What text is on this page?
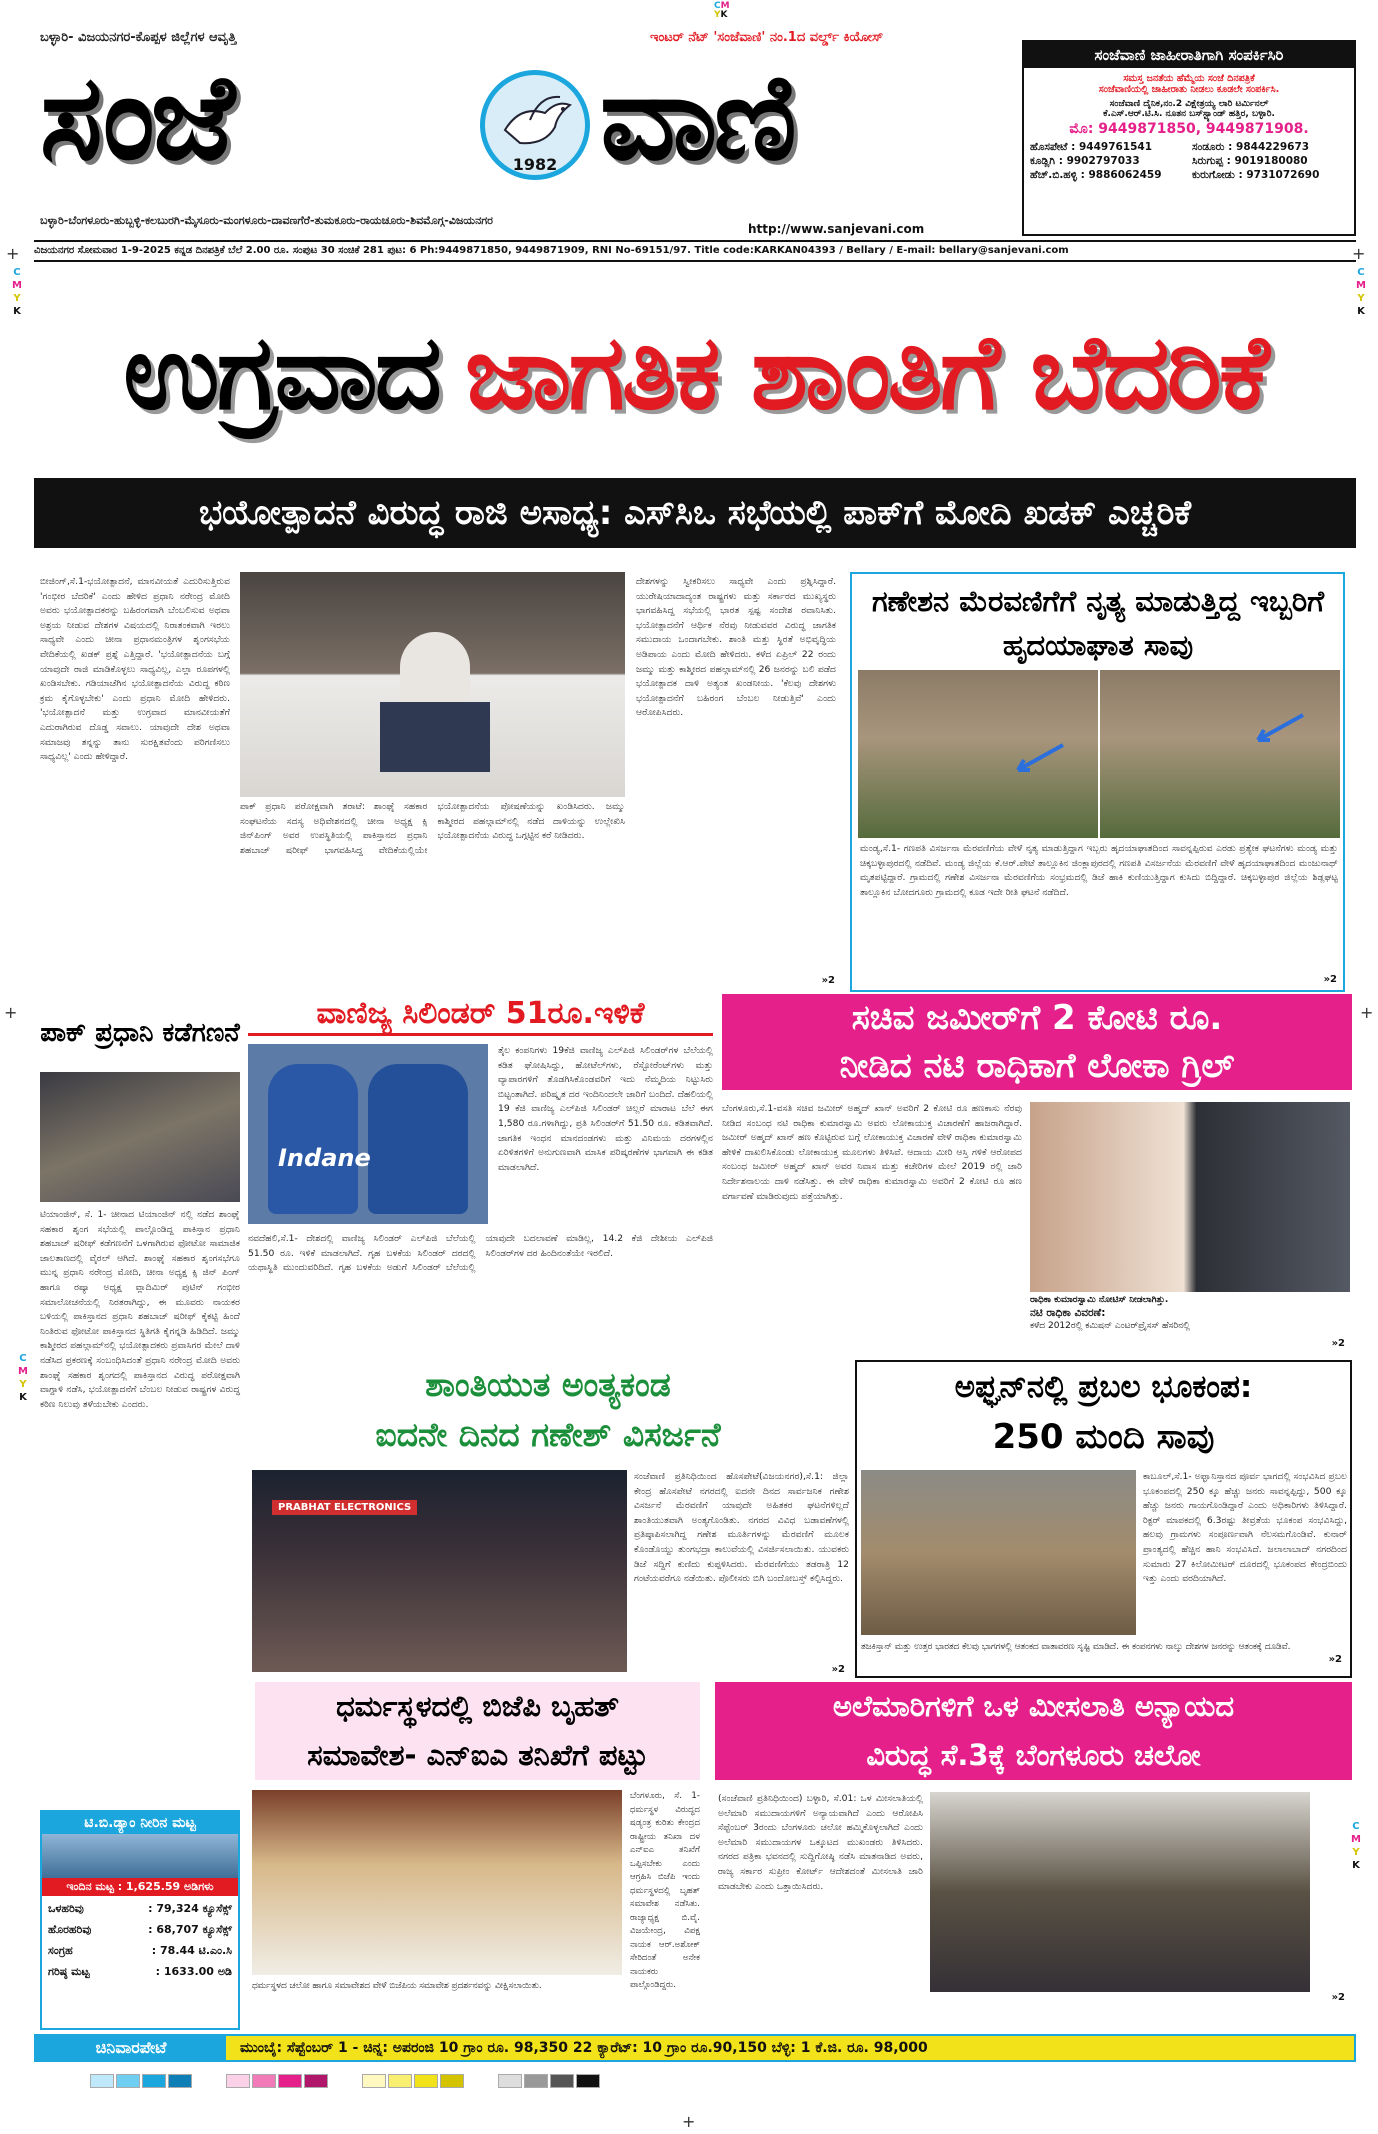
CM
YK
C
M
Y
K
C
M
Y
K
C
M
Y
K
C
M
Y
K
+	+
+	+
+
ಬಳ್ಳಾರಿ- ವಿಜಯನಗರ-ಕೊಪ್ಪಳ ಜಿಲ್ಲೆಗಳ ಆವೃತ್ತಿ	ಇಂಟರ್ ನೆಟ್ 'ಸಂಜೆವಾಣಿ' ನಂ.1ದ ವರ್ಲ್ಡ್ ಕಿಯೋಸ್
ಸಂಜೆ	1982 ವಾಣಿ
ಬಳ್ಳಾರಿ-ಬೆಂಗಳೂರು-ಹುಬ್ಬಳ್ಳಿ-ಕಲಬುರಗಿ-ಮೈಸೂರು-ಮಂಗಳೂರು-ದಾವಣಗೆರೆ-ತುಮಕೂರು-ರಾಯಚೂರು-ಶಿವಮೊಗ್ಗ-ವಿಜಯನಗರ
http://www.sanjevani.com
ಸಂಜೆವಾಣಿ ಜಾಹೀರಾತಿಗಾಗಿ ಸಂಪರ್ಕಿಸಿರಿ
ಸಮಸ್ತ ಜನತೆಯ ಹೆಮ್ಮೆಯ ಸಂಜೆ ದಿನಪತ್ರಿಕೆ
ಸಂಜೆವಾಣಿಯಲ್ಲಿ ಜಾಹೀರಾತು ನೀಡಲು ಕೂಡಲೇ ಸಂಪರ್ಕಿಸಿ.
ಸಂಜೆವಾಣಿ ದೈನಿಕ,ನಂ.2 ವಿಕ್ಷೇತ್ರಯ್ಯ ಲಾರಿ ಟರ್ಮಿನಲ್
ಕೆ.ಎಸ್.ಆರ್.ಟಿ.ಸಿ. ನೂತನ ಬಸ್‌ಸ್ಟ್ಯಾಂಡ್ ಹತ್ತಿರ, ಬಳ್ಳಾರಿ.
ಮೊ: 9449871850, 9449871908.
ಹೊಸಪೇಟೆ : 9449761541	ಸಂಡೂರು : 9844229673
ಕೂಡ್ಲಿಗಿ : 9902797033	ಸಿರುಗುಪ್ಪ : 9019180080
ಹೆಚ್.ಬಿ.ಹಳ್ಳಿ : 9886062459	ಕುರುಗೋಡು : 9731072690
ವಿಜಯನಗರ ಸೋಮವಾರ 1-9-2025 ಕನ್ನಡ ದಿನಪತ್ರಿಕೆ ಬೆಲೆ 2.00 ರೂ. ಸಂಪುಟ 30 ಸಂಚಿಕೆ 281 ಪುಟ: 6 Ph:9449871850, 9449871909, RNI No-69151/97. Title code:KARKAN04393 / Bellary / E-mail: bellary@sanjevani.com
ಉಗ್ರವಾದ ಜಾಗತಿಕ ಶಾಂತಿಗೆ ಬೆದರಿಕೆ
ಭಯೋತ್ಪಾದನೆ ವಿರುದ್ಧ ರಾಜಿ ಅಸಾಧ್ಯ: ಎಸ್‌ಸಿಒ ಸಭೆಯಲ್ಲಿ ಪಾಕ್‌ಗೆ ಮೋದಿ ಖಡಕ್ ಎಚ್ಚರಿಕೆ
ಬೀಜಿಂಗ್,ಸೆ.1-ಭಯೋತ್ಪಾದನೆ, ಮಾನವೀಯತೆ ಎದುರಿಸುತ್ತಿರುವ 'ಗಂಭೀರ ಬೆದರಿಕೆ' ಎಂದು ಹೇಳಿದ ಪ್ರಧಾನಿ ನರೇಂದ್ರ ಮೋದಿ ಅವರು ಭಯೋತ್ಪಾದಕರನ್ನು ಬಹಿರಂಗವಾಗಿ ಬೆಂಬಲಿಸುವ ಅಥವಾ ಅಶ್ರಯ ನೀಡುವ ದೇಶಗಳ ವಿಷಯದಲ್ಲಿ ನಿರಾತಂಕವಾಗಿ ಇರಲು ಸಾಧ್ಯವೇ ಎಂದು ಚೀನಾ ಪ್ರಧಾನಮಂತ್ರಿಗಳ ಶೃಂಗಸಭೆಯ ವೇದಿಕೆಯಲ್ಲಿ ಖಡಕ್ ಪ್ರಶ್ನೆ ಎತ್ತಿದ್ದಾರೆ. 'ಭಯೋತ್ಪಾದನೆಯ ಬಗ್ಗೆ ಯಾವುದೇ ರಾಜಿ ಮಾಡಿಕೊಳ್ಳಲು ಸಾಧ್ಯವಿಲ್ಲ, ಎಲ್ಲಾ ರೂಪಗಳಲ್ಲಿ ಖಂಡಿಸಬೇಕು. ಗಡಿಯಾಚೆಗಿನ ಭಯೋತ್ಪಾದನೆಯ ವಿರುದ್ಧ ಕಠಿಣ ಕ್ರಮ ಕೈಗೊಳ್ಳಬೇಕು' ಎಂದು ಪ್ರಧಾನಿ ಮೋದಿ ಹೇಳಿದರು. 'ಭಯೋತ್ಪಾದನೆ ಮತ್ತು ಉಗ್ರವಾದ ಮಾನವೀಯತೆಗೆ ಎದುರಾಗಿರುವ ದೊಡ್ಡ ಸವಾಲು. ಯಾವುದೇ ದೇಶ ಅಥವಾ ಸಮಾಜವು ತನ್ನನ್ನು ತಾನು ಸುರಕ್ಷಿತವೆಂದು ಪರಿಗಣಿಸಲು ಸಾಧ್ಯವಿಲ್ಲ' ಎಂದು ಹೇಳಿದ್ದಾರೆ.
ಪಾಕ್ ಪ್ರಧಾನಿ ಪರೋಕ್ಷವಾಗಿ ತರಾಟೆ: ಶಾಂಘೈ ಸಹಕಾರ ಸಂಘಟನೆಯ ಸದಸ್ಯ ಅಧಿವೇಶನದಲ್ಲಿ ಚೀನಾ ಅಧ್ಯಕ್ಷ ಕ್ಸಿ ಜಿನ್‌ಪಿಂಗ್ ಅವರ ಉಪಸ್ಥಿತಿಯಲ್ಲಿ ಪಾಕಿಸ್ತಾನದ ಪ್ರಧಾನಿ ಶಹಬಾಜ್ ಷರೀಫ್ ಭಾಗವಹಿಸಿದ್ದ ವೇದಿಕೆಯಲ್ಲಿಯೇ ಭಯೋತ್ಪಾದನೆಯ ಪೋಷಣೆಯನ್ನು ಖಂಡಿಸಿದರು. ಜಮ್ಮು ಕಾಶ್ಮೀರದ ಪಹಲ್ಗಾಮ್‌ನಲ್ಲಿ ನಡೆದ ದಾಳಿಯನ್ನು ಉಲ್ಲೇಖಿಸಿ ಭಯೋತ್ಪಾದನೆಯ ವಿರುದ್ಧ ಒಗ್ಗಟ್ಟಿನ ಕರೆ ನೀಡಿದರು.
ದೇಶಗಳನ್ನು ಸ್ವೀಕರಿಸಲು ಸಾಧ್ಯವೇ ಎಂದು ಪ್ರಶ್ನಿಸಿದ್ದಾರೆ. ಯುರೇಷಿಯಾದಾದ್ಯಂತ ರಾಷ್ಟ್ರಗಳು ಮತ್ತು ಸರ್ಕಾರದ ಮುಖ್ಯಸ್ಥರು ಭಾಗವಹಿಸಿದ್ದ ಸಭೆಯಲ್ಲಿ ಭಾರತ ಸ್ಪಷ್ಟ ಸಂದೇಶ ರವಾನಿಸಿತು. ಭಯೋತ್ಪಾದನೆಗೆ ಆರ್ಥಿಕ ನೆರವು ನೀಡುವವರ ವಿರುದ್ಧ ಜಾಗತಿಕ ಸಮುದಾಯ ಒಂದಾಗಬೇಕು. ಶಾಂತಿ ಮತ್ತು ಸ್ಥಿರತೆ ಅಭಿವೃದ್ಧಿಯ ಅಡಿಪಾಯ ಎಂದು ಮೋದಿ ಹೇಳಿದರು. ಕಳೆದ ಏಪ್ರಿಲ್ 22 ರಂದು ಜಮ್ಮು ಮತ್ತು ಕಾಶ್ಮೀರದ ಪಹಲ್ಗಾಮ್‌ನಲ್ಲಿ 26 ಜನರನ್ನು ಬಲಿ ಪಡೆದ ಭಯೋತ್ಪಾದಕ ದಾಳಿ ಅತ್ಯಂತ ಖಂಡನೀಯ. 'ಕೆಲವು ದೇಶಗಳು ಭಯೋತ್ಪಾದನೆಗೆ ಬಹಿರಂಗ ಬೆಂಬಲ ನೀಡುತ್ತಿವೆ' ಎಂದು ಆರೋಪಿಸಿದರು.
»2
ಗಣೇಶನ ಮೆರವಣಿಗೆಗೆ ನೃತ್ಯ ಮಾಡುತ್ತಿದ್ದ ಇಬ್ಬರಿಗೆ ಹೃದಯಾಘಾತ ಸಾವು
ಮಂಡ್ಯ,ಸೆ.1- ಗಣಪತಿ ವಿಸರ್ಜನಾ ಮೆರವಣಿಗೆಯ ವೇಳೆ ನೃತ್ಯ ಮಾಡುತ್ತಿದ್ದಾಗ ಇಬ್ಬರು ಹೃದಯಾಘಾತದಿಂದ ಸಾವನ್ನಪ್ಪಿರುವ ಎರಡು ಪ್ರತ್ಯೇಕ ಘಟನೆಗಳು ಮಂಡ್ಯ ಮತ್ತು ಚಿಕ್ಕಬಳ್ಳಾಪುರದಲ್ಲಿ ನಡೆದಿವೆ. ಮಂಡ್ಯ ಜಿಲ್ಲೆಯ ಕೆ.ಆರ್.ಪೇಟೆ ತಾಲ್ಲೂಕಿನ ಜಿಂಕ್ಲಾಪುರದಲ್ಲಿ ಗಣಪತಿ ವಿಸರ್ಜನೆಯ ಮೆರವಣಿಗೆ ವೇಳೆ ಹೃದಯಾಘಾತದಿಂದ ಮಂಜುನಾಥ್ ಮೃತಪಟ್ಟಿದ್ದಾರೆ. ಗ್ರಾಮದಲ್ಲಿ ಗಣೇಶ ವಿಸರ್ಜನಾ ಮೆರವಣಿಗೆಯ ಸಂಭ್ರಮದಲ್ಲಿ ಡಿಜೆ ಹಾಕಿ ಕುಣಿಯುತ್ತಿದ್ದಾಗ ಕುಸಿದು ಬಿದ್ದಿದ್ದಾರೆ. ಚಿಕ್ಕಬಳ್ಳಾಪುರ ಜಿಲ್ಲೆಯ ಶಿಡ್ಲಘಟ್ಟ ತಾಲ್ಲೂಕಿನ ಬೋದಗೂರು ಗ್ರಾಮದಲ್ಲಿ ಕೂಡ ಇದೇ ರೀತಿ ಘಟನೆ ನಡೆದಿದೆ.
»2
ಪಾಕ್ ಪ್ರಧಾನಿ ಕಡೆಗಣನೆ
ಟಿಯಾಂಜಿನ್, ಸೆ. 1- ಚೀನಾದ ಟಿಯಾಂಜಿನ್ ನಲ್ಲಿ ನಡೆದ ಶಾಂಘೈ ಸಹಕಾರ ಶೃಂಗ ಸಭೆಯಲ್ಲಿ ಪಾಲ್ಗೊಂಡಿದ್ದ ಪಾಕಿಸ್ತಾನ ಪ್ರಧಾನಿ ಶಹಬಾಜ್ ಷರೀಫ್ ಕಡೆಗಣನೆಗೆ ಒಳಗಾಗಿರುವ ಫೋಟೋ ಸಾಮಾಜಿಕ ಜಾಲತಾಣದಲ್ಲಿ ವೈರಲ್ ಆಗಿದೆ. ಶಾಂಘೈ ಸಹಕಾರ ಶೃಂಗಸಭೆಗೂ ಮುನ್ನ ಪ್ರಧಾನಿ ನರೇಂದ್ರ ಮೋದಿ, ಚೀನಾ ಅಧ್ಯಕ್ಷ ಕ್ಸಿ ಜಿನ್ ಪಿಂಗ್ ಹಾಗೂ ರಷ್ಯಾ ಅಧ್ಯಕ್ಷ ವ್ಲಾದಿಮಿರ್ ಪುಟಿನ್ ಗಂಭೀರ ಸಮಾಲೋಚನೆಯಲ್ಲಿ ನಿರತರಾಗಿದ್ದು, ಈ ಮೂವರು ನಾಯಕರ ಬಳಿಯಲ್ಲಿ ಪಾಕಿಸ್ತಾನದ ಪ್ರಧಾನಿ ಶಹಬಾಜ್ ಷರೀಫ್ ಕೈಕಟ್ಟಿ ಹಿಂದೆ ನಿಂತಿರುವ ಫೋಟೋ ಪಾಕಿಸ್ತಾನದ ಸ್ಥಿತಿಗತಿ ಕೈಗನ್ನಡಿ ಹಿಡಿದಿದೆ. ಜಮ್ಮು ಕಾಶ್ಮೀರದ ಪಹಲ್ಗಾಮ್‌ನಲ್ಲಿ ಭಯೋತ್ಪಾದಕರು ಪ್ರವಾಸಿಗರ ಮೇಲೆ ದಾಳಿ ನಡೆಸಿದ ಪ್ರಕರಣಕ್ಕೆ ಸಂಬಂಧಿಸಿದಂತೆ ಪ್ರಧಾನಿ ನರೇಂದ್ರ ಮೋದಿ ಅವರು ಶಾಂಘೈ ಸಹಕಾರ ಶೃಂಗದಲ್ಲಿ ಪಾಕಿಸ್ತಾನದ ವಿರುದ್ಧ ಪರೋಕ್ಷವಾಗಿ ವಾಗ್ದಾಳಿ ನಡೆಸಿ, ಭಯೋತ್ಪಾದನೆಗೆ ಬೆಂಬಲ ನೀಡುವ ರಾಷ್ಟ್ರಗಳ ವಿರುದ್ಧ ಕಠಿಣ ನಿಲುವು ತಳೆಯಬೇಕು ಎಂದರು.
ವಾಣಿಜ್ಯ ಸಿಲಿಂಡರ್ 51ರೂ.ಇಳಿಕೆ
Indane
ತೈಲ ಕಂಪನಿಗಳು 19ಕೆಜಿ ವಾಣಿಜ್ಯ ಎಲ್‌ಪಿಜಿ ಸಿಲಿಂಡರ್‌ಗಳ ಬೆಲೆಯಲ್ಲಿ ಕಡಿತ ಘೋಷಿಸಿದ್ದು, ಹೋಟೆಲ್‌ಗಳು, ರೆಸ್ಟೋರೆಂಟ್‌ಗಳು ಮತ್ತು ವ್ಯಾಪಾರಗಳಿಗೆ ತೊಡಗಿಸಿಕೊಂಡವರಿಗೆ ಇದು ನೆಮ್ಮದಿಯ ನಿಟ್ಟುಸಿರು ಬಿಟ್ಟಂತಾಗಿದೆ. ಪರಿಷ್ಕೃತ ದರ ಇಂದಿನಿಂದಲೇ ಜಾರಿಗೆ ಬಂದಿದೆ. ದೆಹಲಿಯಲ್ಲಿ 19 ಕೆಜಿ ವಾಣಿಜ್ಯ ಎಲ್‌ಪಿಜಿ ಸಿಲಿಂಡರ್ ಚಿಲ್ಲರೆ ಮಾರಾಟ ಬೆಲೆ ಈಗ 1,580 ರೂ.ಗಳಾಗಿದ್ದು, ಪ್ರತಿ ಸಿಲಿಂಡರ್‌ಗೆ 51.50 ರೂ. ಕಡಿತವಾಗಿದೆ. ಜಾಗತಿಕ ಇಂಧನ ಮಾನದಂಡಗಳು ಮತ್ತು ವಿನಿಮಯ ದರಗಳಲ್ಲಿನ ಏರಿಳಿತಗಳಿಗೆ ಅನುಗುಣವಾಗಿ ಮಾಸಿಕ ಪರಿಷ್ಕರಣೆಗಳ ಭಾಗವಾಗಿ ಈ ಕಡಿತ ಮಾಡಲಾಗಿದೆ.
ನವದೆಹಲಿ,ಸೆ.1- ದೇಶದಲ್ಲಿ ವಾಣಿಜ್ಯ ಸಿಲಿಂಡರ್ ಎಲ್‌ಪಿಜಿ ಬೆಲೆಯಲ್ಲಿ 51.50 ರೂ. ಇಳಿಕೆ ಮಾಡಲಾಗಿದೆ. ಗೃಹ ಬಳಕೆಯ ಸಿಲಿಂಡರ್ ದರದಲ್ಲಿ ಯಥಾಸ್ಥಿತಿ ಮುಂದುವರಿದಿದೆ. ಗೃಹ ಬಳಕೆಯ ಅಡುಗೆ ಸಿಲಿಂಡರ್ ಬೆಲೆಯಲ್ಲಿ ಯಾವುದೇ ಬದಲಾವಣೆ ಮಾಡಿಲ್ಲ, 14.2 ಕೆಜಿ ದೇಶೀಯ ಎಲ್‌ಪಿಜಿ ಸಿಲಿಂಡರ್‌ಗಳ ದರ ಹಿಂದಿನಂತೆಯೇ ಇರಲಿದೆ.
ಸಚಿವ ಜಮೀರ್‌ಗೆ 2 ಕೋಟಿ ರೂ.
ನೀಡಿದ ನಟಿ ರಾಧಿಕಾಗೆ ಲೋಕಾ ಗ್ರಿಲ್
ಬೆಂಗಳೂರು,ಸೆ.1-ವಸತಿ ಸಚಿವ ಜಮೀರ್ ಅಹ್ಮದ್ ಖಾನ್ ಅವರಿಗೆ 2 ಕೋಟಿ ರೂ ಹಣಕಾಸು ನೆರವು ನೀಡಿದ ಸಂಬಂಧ ನಟಿ ರಾಧಿಕಾ ಕುಮಾರಸ್ವಾಮಿ ಅವರು ಲೋಕಾಯುಕ್ತ ವಿಚಾರಣೆಗೆ ಹಾಜರಾಗಿದ್ದಾರೆ. ಜಮೀರ್ ಅಹ್ಮದ್ ಖಾನ್ ಹಣ ಕೊಟ್ಟಿರುವ ಬಗ್ಗೆ ಲೋಕಾಯುಕ್ತ ವಿಚಾರಣೆ ವೇಳೆ ರಾಧಿಕಾ ಕುಮಾರಸ್ವಾಮಿ ಹೇಳಿಕೆ ದಾಖಲಿಸಿಕೊಂಡು ಲೋಕಾಯುಕ್ತ ಮೂಲಗಳು ತಿಳಿಸಿವೆ. ಆದಾಯ ಮೀರಿ ಆಸ್ತಿ ಗಳಿಕೆ ಆರೋಪದ ಸಂಬಂಧ ಜಮೀರ್ ಅಹ್ಮದ್ ಖಾನ್ ಅವರ ನಿವಾಸ ಮತ್ತು ಕಚೇರಿಗಳ ಮೇಲೆ 2019 ರಲ್ಲಿ ಜಾರಿ ನಿರ್ದೇಶನಾಲಯ ದಾಳಿ ನಡೆಸಿತ್ತು. ಈ ವೇಳೆ ರಾಧಿಕಾ ಕುಮಾರಸ್ವಾಮಿ ಅವರಿಗೆ 2 ಕೋಟಿ ರೂ ಹಣ ವರ್ಗಾವಣೆ ಮಾಡಿರುವುದು ಪತ್ತೆಯಾಗಿತ್ತು.
ರಾಧಿಕಾ ಕುಮಾರಸ್ವಾಮಿ ನೋಟಿಸ್ ನೀಡಲಾಗಿತ್ತು.
ನಟಿ ರಾಧಿಕಾ ವಿವರಣೆ:
ಕಳೆದ 2012ರಲ್ಲಿ ಕಮಿಷನ್ ಎಂಟರ್‌ಪ್ರೈಸಸ್ ಹೆಸರಿನಲ್ಲಿ
»2
ಶಾಂತಿಯುತ ಅಂತ್ಯಕಂಡ
ಐದನೇ ದಿನದ ಗಣೇಶ್ ವಿಸರ್ಜನೆ
PRABHAT ELECTRONICS
ಸಂಜೆವಾಣಿ ಪ್ರತಿನಿಧಿಯಿಂದ ಹೊಸಪೇಟೆ(ವಿಜಯನಗರ),ಸೆ.1: ಜಿಲ್ಲಾ ಕೇಂದ್ರ ಹೊಸಪೇಟೆ ನಗರದಲ್ಲಿ ಐದನೇ ದಿನದ ಸಾರ್ವಜನಿಕ ಗಣೇಶ ವಿಸರ್ಜನೆ ಮೆರವಣಿಗೆ ಯಾವುದೇ ಅಹಿತಕರ ಘಟನೆಗಳಿಲ್ಲದೆ ಶಾಂತಿಯುತವಾಗಿ ಅಂತ್ಯಗೊಂಡಿತು. ನಗರದ ವಿವಿಧ ಬಡಾವಣೆಗಳಲ್ಲಿ ಪ್ರತಿಷ್ಠಾಪಿಸಲಾಗಿದ್ದ ಗಣೇಶ ಮೂರ್ತಿಗಳನ್ನು ಮೆರವಣಿಗೆ ಮೂಲಕ ಕೊಂಡೊಯ್ದು ತುಂಗಭದ್ರಾ ಕಾಲುವೆಯಲ್ಲಿ ವಿಸರ್ಜಿಸಲಾಯಿತು. ಯುವಕರು ಡಿಜೆ ಸದ್ದಿಗೆ ಕುಣಿದು ಕುಪ್ಪಳಿಸಿದರು. ಮೆರವಣಿಗೆಯು ತಡರಾತ್ರಿ 12 ಗಂಟೆಯವರೆಗೂ ನಡೆಯಿತು. ಪೊಲೀಸರು ಬಿಗಿ ಬಂದೋಬಸ್ತ್ ಕಲ್ಪಿಸಿದ್ದರು.
»2
ಅಫ್ಘನ್‌ನಲ್ಲಿ ಪ್ರಬಲ ಭೂಕಂಪ:
250 ಮಂದಿ ಸಾವು
ಕಾಬೂಲ್,ಸೆ.1- ಅಫ್ಘಾನಿಸ್ತಾನದ ಪೂರ್ವ ಭಾಗದಲ್ಲಿ ಸಂಭವಿಸಿದ ಪ್ರಬಲ ಭೂಕಂಪದಲ್ಲಿ 250 ಕ್ಕೂ ಹೆಚ್ಚು ಜನರು ಸಾವನ್ನಪ್ಪಿದ್ದು, 500 ಕ್ಕೂ ಹೆಚ್ಚು ಜನರು ಗಾಯಗೊಂಡಿದ್ದಾರೆ ಎಂದು ಅಧಿಕಾರಿಗಳು ತಿಳಿಸಿದ್ದಾರೆ. ರಿಕ್ಟರ್ ಮಾಪಕದಲ್ಲಿ 6.3ರಷ್ಟು ತೀವ್ರತೆಯ ಭೂಕಂಪ ಸಂಭವಿಸಿದ್ದು, ಹಲವು ಗ್ರಾಮಗಳು ಸಂಪೂರ್ಣವಾಗಿ ನೆಲಸಮಗೊಂಡಿವೆ. ಕುನಾರ್ ಪ್ರಾಂತ್ಯದಲ್ಲಿ ಹೆಚ್ಚಿನ ಹಾನಿ ಸಂಭವಿಸಿದೆ. ಜಲಾಲಾಬಾದ್ ನಗರದಿಂದ ಸುಮಾರು 27 ಕಿಲೋಮೀಟರ್ ದೂರದಲ್ಲಿ ಭೂಕಂಪದ ಕೇಂದ್ರಬಿಂದು ಇತ್ತು ಎಂದು ವರದಿಯಾಗಿದೆ.
ತಜಕಿಸ್ತಾನ್ ಮತ್ತು ಉತ್ತರ ಭಾರತದ ಕೆಲವು ಭಾಗಗಳಲ್ಲಿ ಆತಂಕದ ವಾತಾವರಣ ಸೃಷ್ಟಿ ಮಾಡಿದೆ. ಈ ಕಂಪನಗಳು ನಾಲ್ಕು ದೇಶಗಳ ಜನರನ್ನು ಆತಂಕಕ್ಕೆ ದೂಡಿವೆ.
»2
ಧರ್ಮಸ್ಥಳದಲ್ಲಿ ಬಿಜೆಪಿ ಬೃಹತ್
ಸಮಾವೇಶ- ಎನ್‌ಐಎ ತನಿಖೆಗೆ ಪಟ್ಟು
ಬೆಂಗಳೂರು, ಸೆ. 1- ಧರ್ಮಸ್ಥಳ ವಿರುದ್ಧದ ಷಡ್ಯಂತ್ರ ಕುರಿತು ಕೇಂದ್ರದ ರಾಷ್ಟ್ರೀಯ ತನಿಖಾ ದಳ ಎನ್‌ಐಎ ತನಿಖೆಗೆ ಒಪ್ಪಿಸಬೇಕು ಎಂದು ಆಗ್ರಹಿಸಿ ಬಿಜೆಪಿ ಇಂದು ಧರ್ಮಸ್ಥಳದಲ್ಲಿ ಬೃಹತ್ ಸಮಾವೇಶ ನಡೆಸಿತು. ರಾಜ್ಯಾಧ್ಯಕ್ಷ ಬಿ.ವೈ. ವಿಜಯೇಂದ್ರ, ವಿಪಕ್ಷ ನಾಯಕ ಆರ್.ಅಶೋಕ್ ಸೇರಿದಂತೆ ಅನೇಕ ನಾಯಕರು ಪಾಲ್ಗೊಂಡಿದ್ದರು.
ಧರ್ಮಸ್ಥಳದ ಚಲೋ ಹಾಗೂ ಸಮಾವೇಶದ ವೇಳೆ ಬಿಜೆಪಿಯ ಸಮಾವೇಶ ಪ್ರದರ್ಶನವನ್ನು ವೀಕ್ಷಿಸಲಾಯಿತು.
ಅಲೆಮಾರಿಗಳಿಗೆ ಒಳ ಮೀಸಲಾತಿ ಅನ್ಯಾಯದ
ವಿರುದ್ಧ ಸೆ.3ಕ್ಕೆ ಬೆಂಗಳೂರು ಚಲೋ
(ಸಂಜೆವಾಣಿ ಪ್ರತಿನಿಧಿಯಿಂದ) ಬಳ್ಳಾರಿ, ಸೆ.01: ಒಳ ಮೀಸಲಾತಿಯಲ್ಲಿ ಅಲೆಮಾರಿ ಸಮುದಾಯಗಳಿಗೆ ಅನ್ಯಾಯವಾಗಿದೆ ಎಂದು ಆರೋಪಿಸಿ ಸೆಪ್ಟೆಂಬರ್ 3ರಂದು ಬೆಂಗಳೂರು ಚಲೋ ಹಮ್ಮಿಕೊಳ್ಳಲಾಗಿದೆ ಎಂದು ಅಲೆಮಾರಿ ಸಮುದಾಯಗಳ ಒಕ್ಕೂಟದ ಮುಖಂಡರು ತಿಳಿಸಿದರು. ನಗರದ ಪತ್ರಿಕಾ ಭವನದಲ್ಲಿ ಸುದ್ದಿಗೋಷ್ಠಿ ನಡೆಸಿ ಮಾತನಾಡಿದ ಅವರು, ರಾಜ್ಯ ಸರ್ಕಾರ ಸುಪ್ರೀಂ ಕೋರ್ಟ್ ಆದೇಶದಂತೆ ಮೀಸಲಾತಿ ಜಾರಿ ಮಾಡಬೇಕು ಎಂದು ಒತ್ತಾಯಿಸಿದರು.
»2
ಟಿ.ಬಿ.ಡ್ಯಾಂ ನೀರಿನ ಮಟ್ಟ
ಇಂದಿನ ಮಟ್ಟ : 1,625.59 ಅಡಿಗಳು
ಒಳಹರಿವು	: 79,324 ಕ್ಯೂಸೆಕ್ಸ್
ಹೊರಹರಿವು	: 68,707 ಕ್ಯೂಸೆಕ್ಸ್
ಸಂಗ್ರಹ	: 78.44 ಟಿ.ಎಂ.ಸಿ
ಗರಿಷ್ಠ ಮಟ್ಟ	: 1633.00 ಅಡಿ
ಚಿನಿವಾರಪೇಟೆ	ಮುಂಬೈ: ಸೆಪ್ಟೆಂಬರ್ 1 - ಚಿನ್ನ: ಅಪರಂಜಿ 10 ಗ್ರಾಂ ರೂ. 98,350 22 ಕ್ಯಾರೆಟ್: 10 ಗ್ರಾಂ ರೂ.90,150 ಬೆಳ್ಳಿ: 1 ಕೆ.ಜಿ. ರೂ. 98,000
